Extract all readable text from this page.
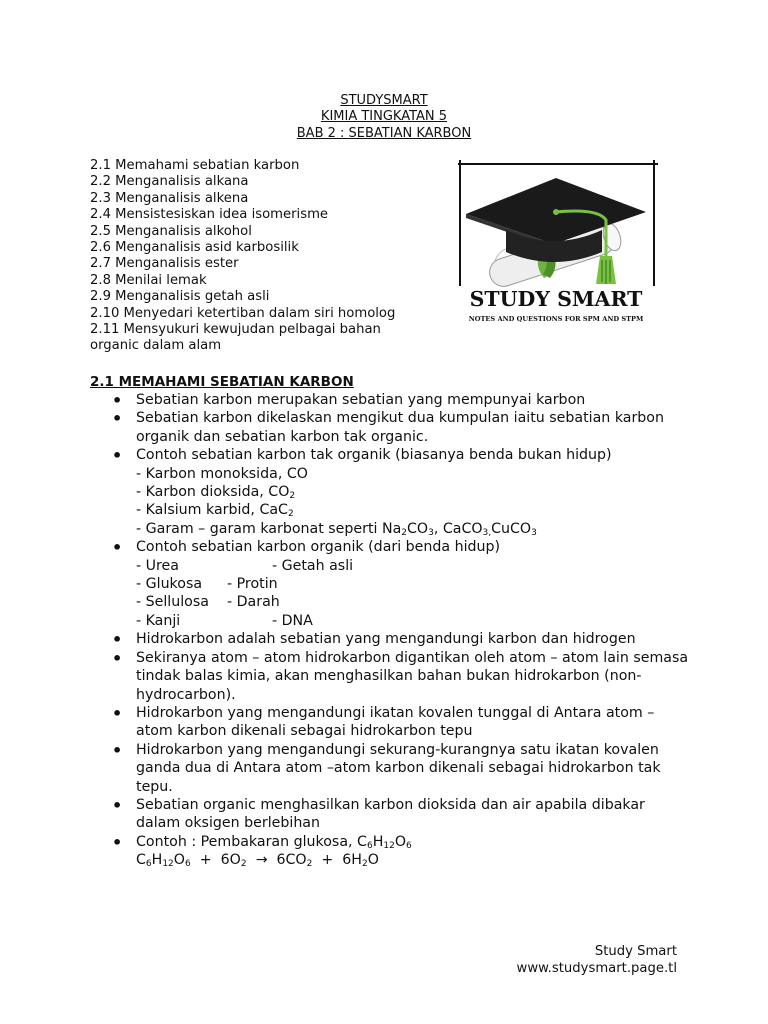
STUDYSMART
KIMIA TINGKATAN 5
BAB 2 : SEBATIAN KARBON
2.1 Memahami sebatian karbon
2.2 Menganalisis alkana
2.3 Menganalisis alkena
2.4 Mensistesiskan idea isomerisme
2.5 Menganalisis alkohol
2.6 Menganalisis asid karbosilik
2.7 Menganalisis ester
2.8 Menilai lemak
2.9 Menganalisis getah asli
2.10 Menyedari ketertiban dalam siri homolog
2.11 Mensyukuri kewujudan pelbagai bahan organic dalam alam
STUDY SMART
NOTES AND QUESTIONS FOR SPM AND STPM
2.1 MEMAHAMI SEBATIAN KARBON
• Sebatian karbon merupakan sebatian yang mempunyai karbon
• Sebatian karbon dikelaskan mengikut dua kumpulan iaitu sebatian karbon organik dan sebatian karbon tak organic.
• Contoh sebatian karbon tak organik (biasanya benda bukan hidup)
- Karbon monoksida, CO
- Karbon dioksida, $CO_2$
- Kalsium karbid, CaC$_2$
- Garam – garam karbonat seperti $Na_2CO_3$, CaCO$_{3,}$CuCO$_3$
• Contoh sebatian karbon organik (dari benda hidup)
- Urea	- Getah asli
- Glukosa - Protin
- Sellulosa - Darah
- Kanji	- DNA
• Hidrokarbon adalah sebatian yang mengandungi karbon dan hidrogen
• Sekiranya atom – atom hidrokarbon digantikan oleh atom – atom lain semasa tindak balas kimia, akan menghasilkan bahan bukan hidrokarbon (non-hydrocarbon).
• Hidrokarbon yang mengandungi ikatan kovalen tunggal di Antara atom – atom karbon dikenali sebagai hidrokarbon tepu
• Hidrokarbon yang mengandungi sekurang-kurangnya satu ikatan kovalen ganda dua di Antara atom –atom karbon dikenali sebagai hidrokarbon tak tepu.
• Sebatian organic menghasilkan karbon dioksida dan air apabila dibakar dalam oksigen berlebihan
• Contoh : Pembakaran glukosa, $C_6H_{12}O_6$
$C_6H_{12}O_6 + 6O_2 \to 6CO_2 + 6H_2O$
Study Smart
www.studysmart.page.tl
